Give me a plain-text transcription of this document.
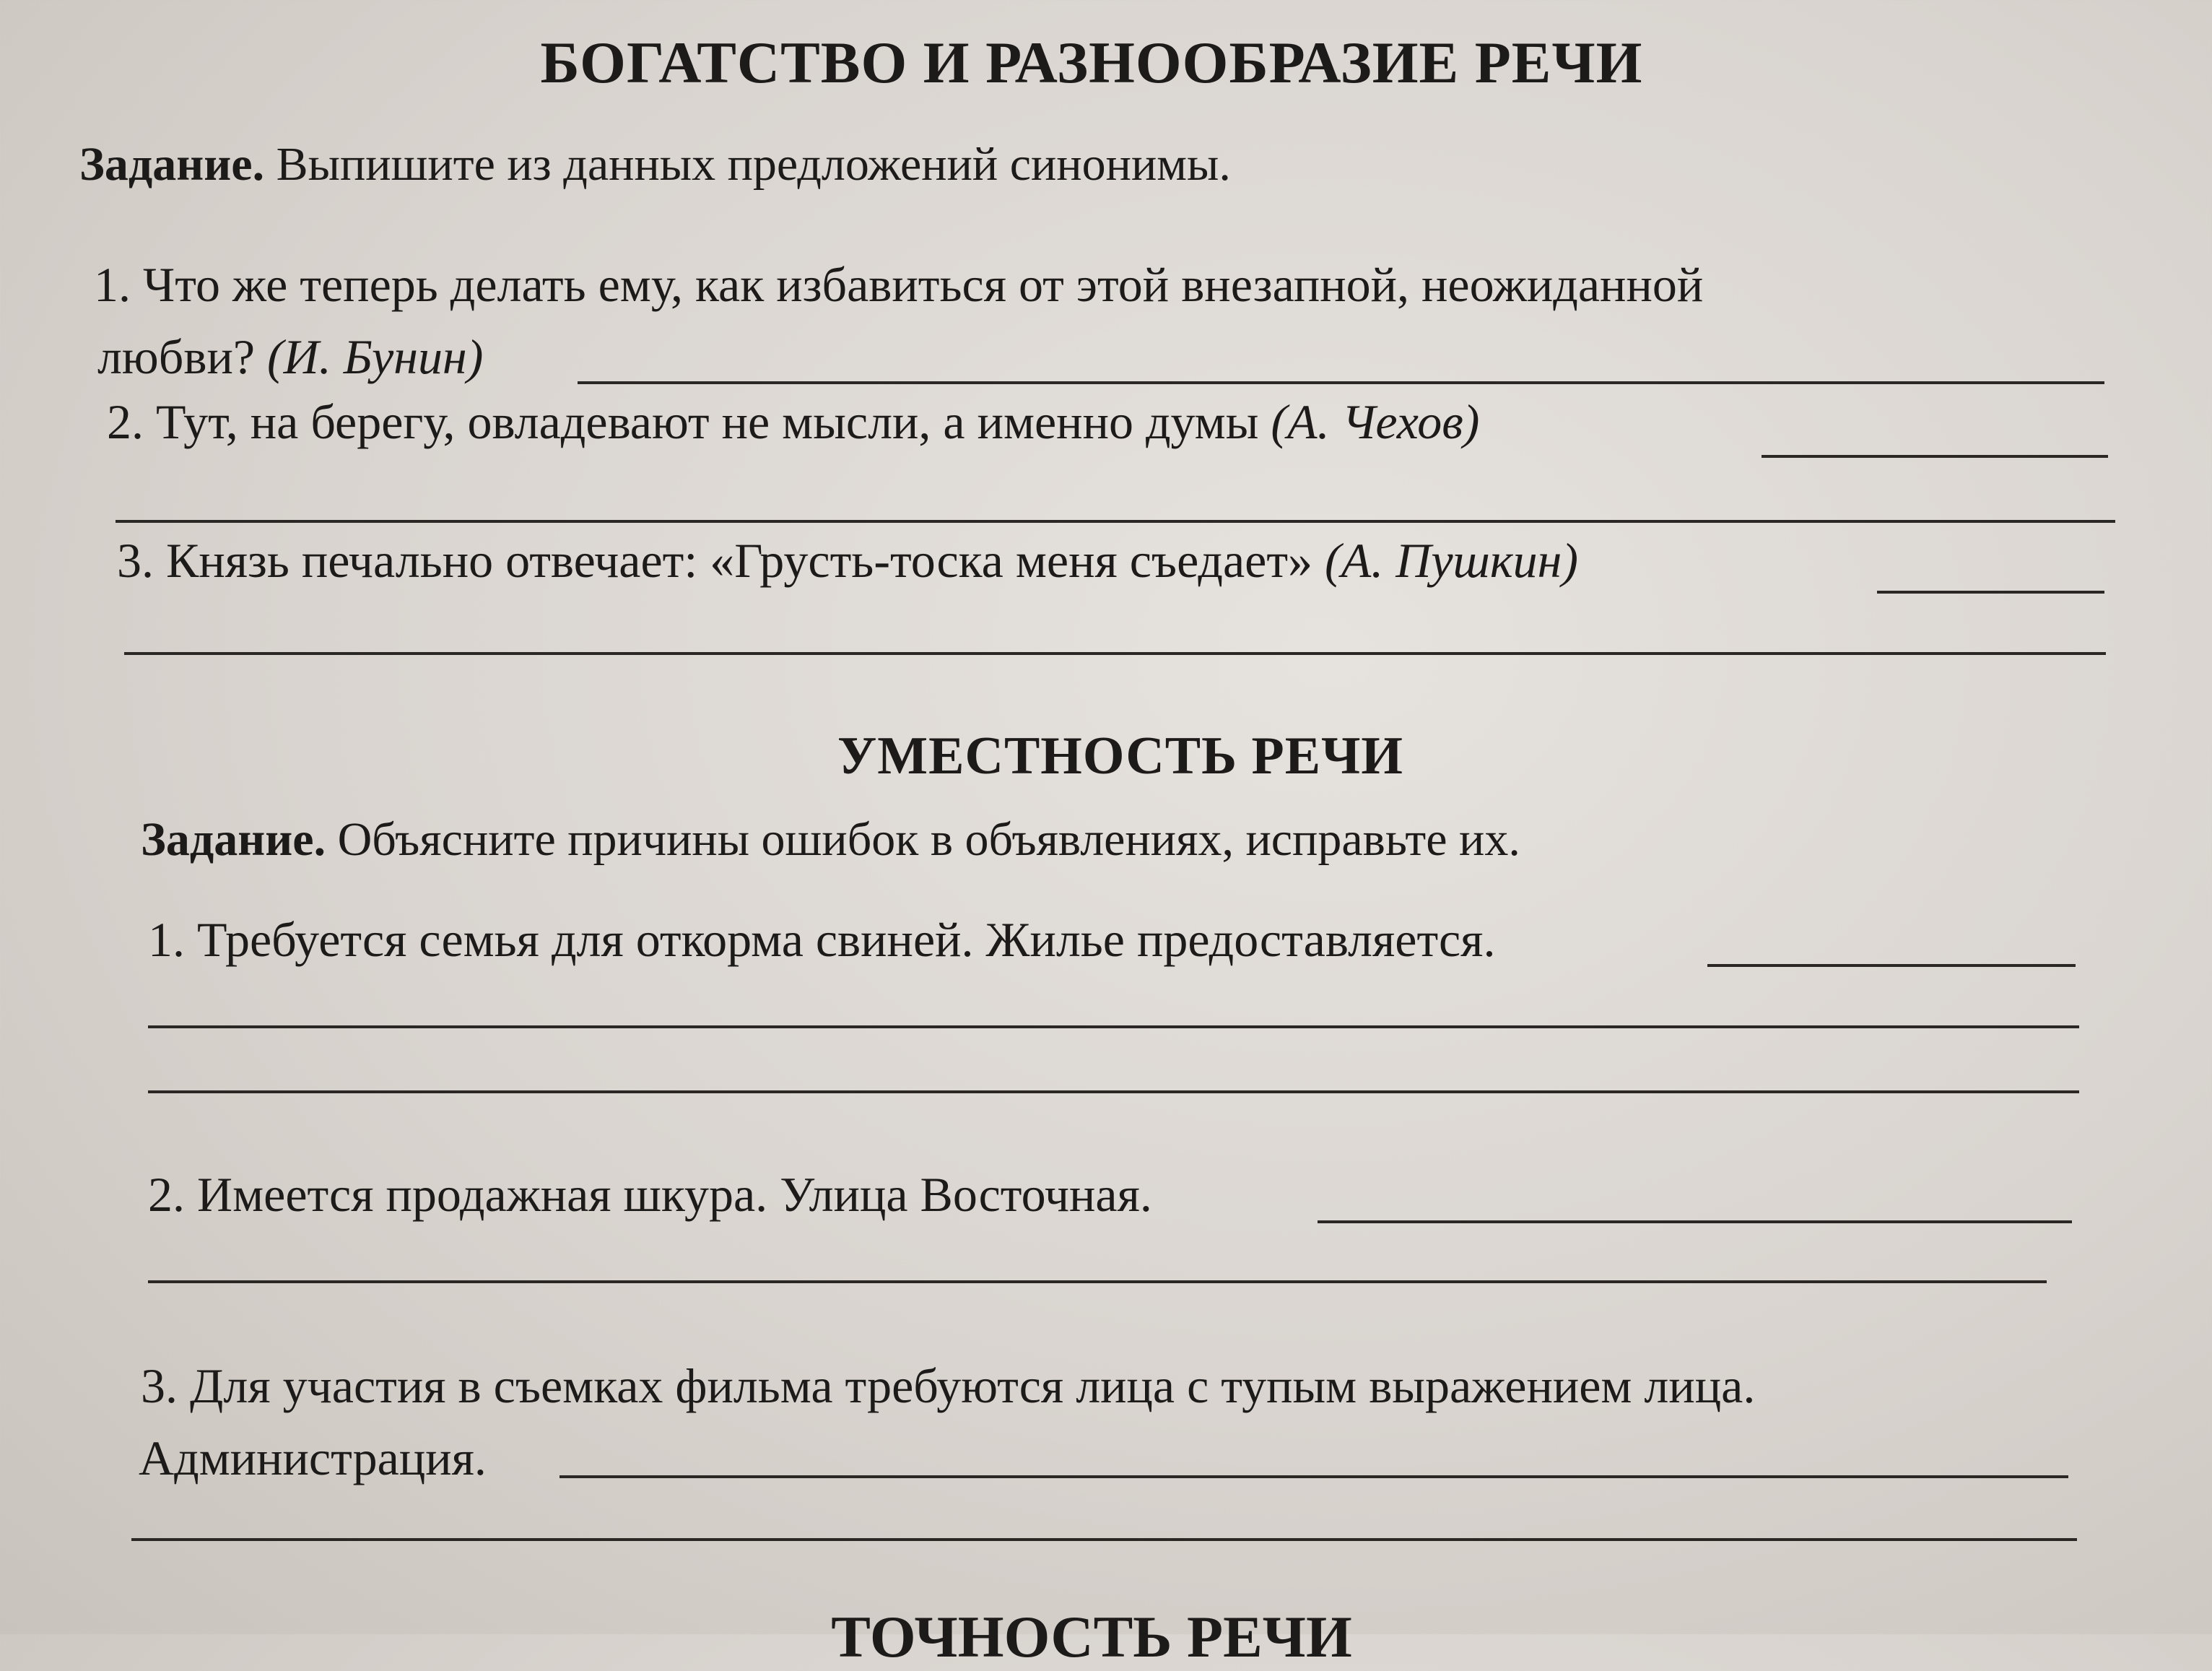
БОГАТСТВО И РАЗНООБРАЗИЕ РЕЧИ
Задание. Выпишите из данных предложений синонимы.
1. Что же теперь делать ему, как избавиться от этой внезапной, неожиданной
любви? (И. Бунин)
2. Тут, на берегу, овладевают не мысли, а именно думы (А. Чехов)
3. Князь печально отвечает: «Грусть-тоска меня съедает» (А. Пушкин)
УМЕСТНОСТЬ РЕЧИ
Задание. Объясните причины ошибок в объявлениях, исправьте их.
1. Требуется семья для откорма свиней. Жилье предоставляется.
2. Имеется продажная шкура. Улица Восточная.
3. Для участия в съемках фильма требуются лица с тупым выражением лица.
Администрация.
ТОЧНОСТЬ РЕЧИ
